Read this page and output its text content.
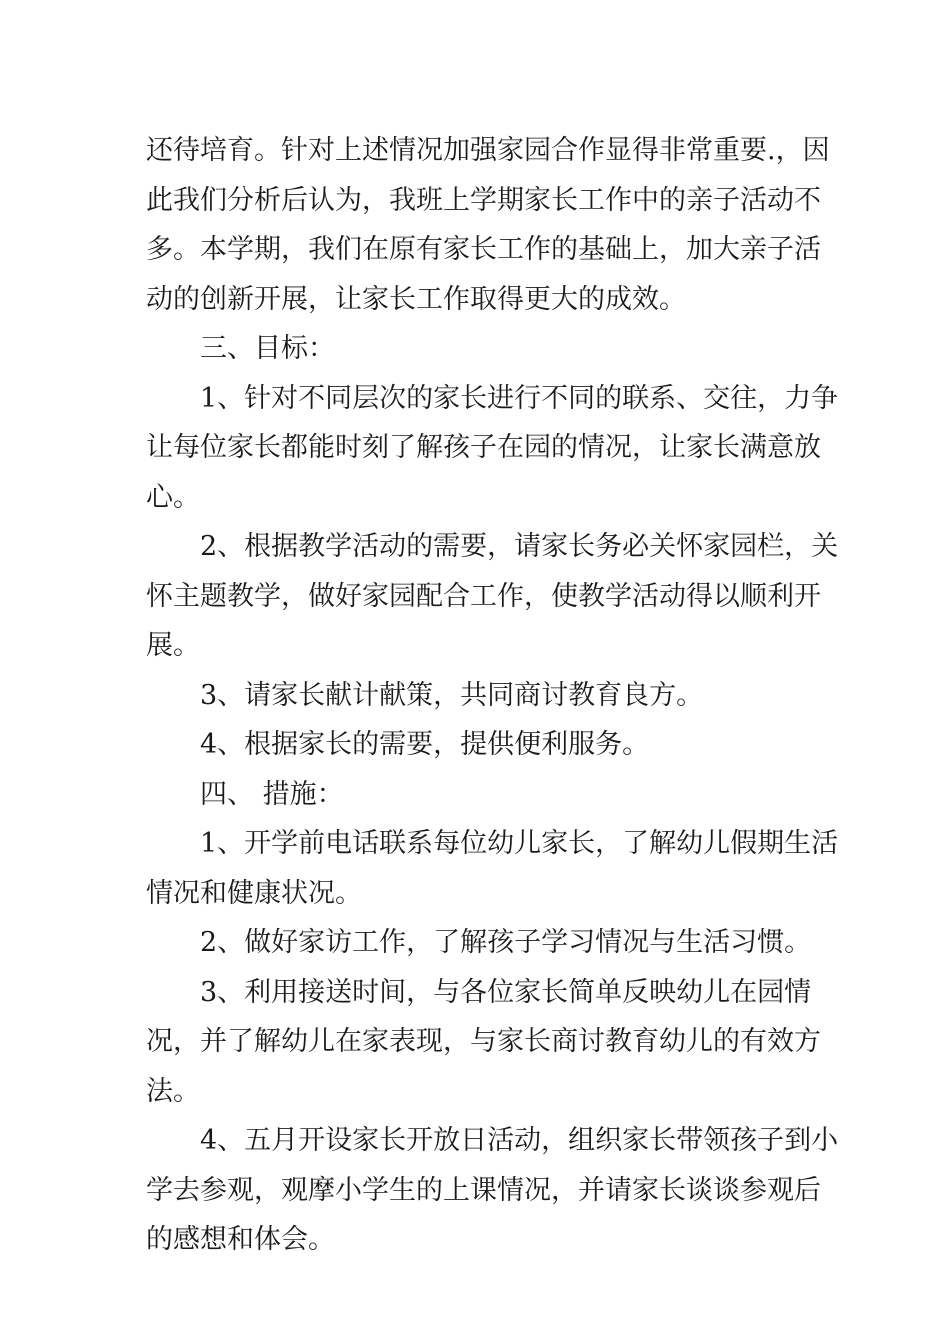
还待培育。针对上述情况加强家园合作显得非常重要.，因此我们分析后认为，我班上学期家长工作中的亲子活动不多。本学期，我们在原有家长工作的基础上，加大亲子活动的创新开展，让家长工作取得更大的成效。

三、目标：

1、针对不同层次的家长进行不同的联系、交往，力争让每位家长都能时刻了解孩子在园的情况，让家长满意放心。

2、根据教学活动的需要，请家长务必关怀家园栏，关怀主题教学，做好家园配合工作，使教学活动得以顺利开展。

3、请家长献计献策，共同商讨教育良方。

4、根据家长的需要，提供便利服务。

四、 措施：

1、开学前电话联系每位幼儿家长，了解幼儿假期生活情况和健康状况。

2、做好家访工作，了解孩子学习情况与生活习惯。

3、利用接送时间，与各位家长简单反映幼儿在园情况，并了解幼儿在家表现，与家长商讨教育幼儿的有效方法。

4、五月开设家长开放日活动，组织家长带领孩子到小学去参观，观摩小学生的上课情况，并请家长谈谈参观后的感想和体会。
